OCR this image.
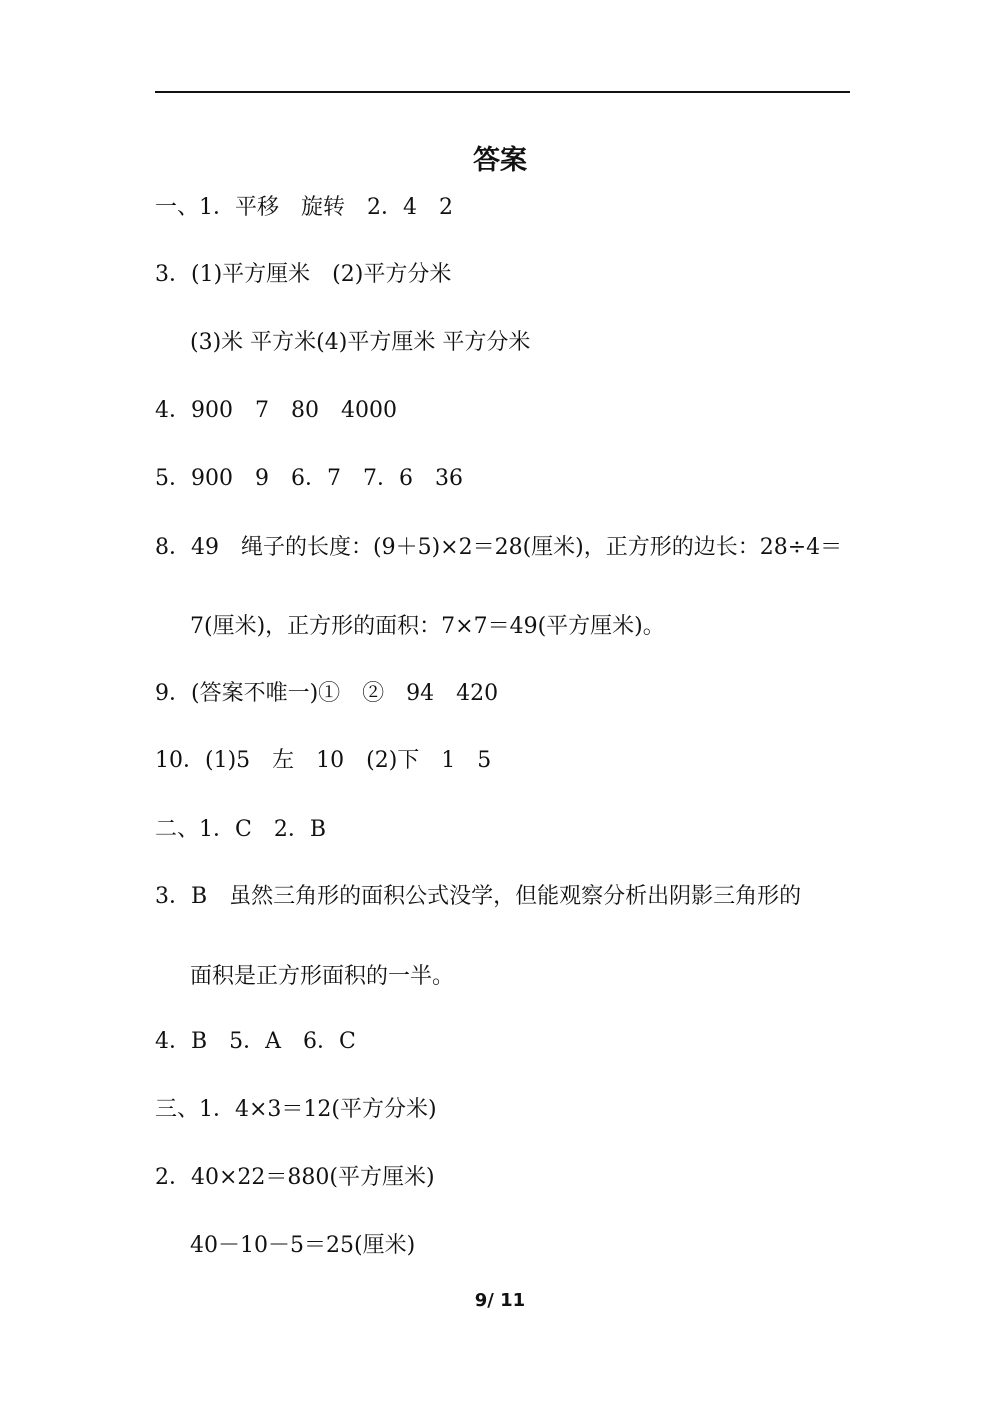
答案
一、1．平移　旋转　2．4　2
3．(1)平方厘米　(2)平方分米
(3)米 平方米(4)平方厘米 平方分米
4．900　7　80　4000
5．900　9　6．7　7．6　36
8．49　绳子的长度：(9＋5)×2＝28(厘米)，正方形的边长：28÷4＝
7(厘米)，正方形的面积：7×7＝49(平方厘米)。
9．(答案不唯一)①　②　94　420
10．(1)5　左　10　(2)下　1　5
二、1．C　2．B
3．B　虽然三角形的面积公式没学，但能观察分析出阴影三角形的
面积是正方形面积的一半。
4．B　5．A　6．C
三、1．4×3＝12(平方分米)
2．40×22＝880(平方厘米)
40－10－5＝25(厘米)
9/ 11
